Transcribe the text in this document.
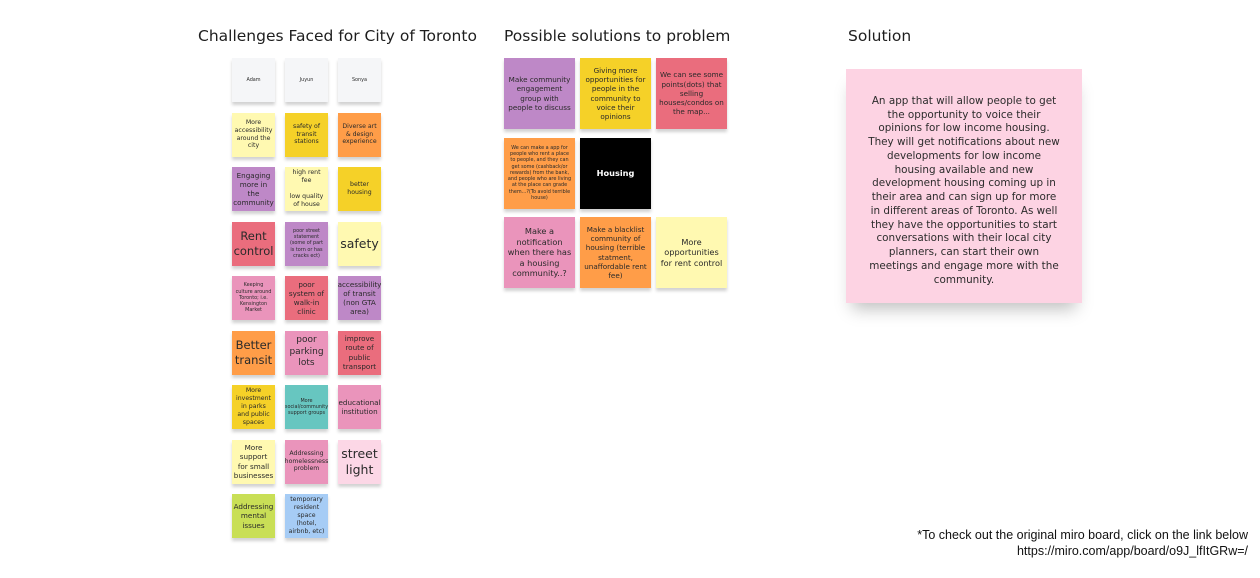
Challenges Faced for City of Toronto Possible solutions to problem	Solution
Adam	Juyun	Sonya
More accessibility around the city
safety of transit stations
Diverse art & design experience
Engaging more in the community
high rent fee

low quality of house
better housing
Rent control
poor street statement (some of part is torn or has cracks ect)
safety
Keeping culture around Toronto; i.e. Kensington Market
poor system of walk-in clinic
accessibility of transit (non GTA area)
Better transit
poor parking lots
improve route of public transport
More investment in parks and public spaces
More social/community support groups
educational institution
More support for small businesses
Addressing homelessness problem
street light
Addressing mental issues
temporary resident space (hotel, airbnb, etc)
Make community engagement group with people to discuss
Giving more opportunities for people in the community to voice their opinions
We can see some points(dots) that selling houses/condos on the map...
We can make a app for people who rent a place to people, and they can get some (cashback/or rewards) from the bank, and people who are living at the place can grade them...?(To avoid terrible house)
Housing
Make a notification when there has a housing community..?
Make a blacklist community of housing (terrible statment, unaffordable rent fee)
More opportunities for rent control
An app that will allow people to get the opportunity to voice their opinions for low income housing. They will get notifications about new developments for low income housing available and new development housing coming up in their area and can sign up for more in different areas of Toronto. As well they have the opportunities to start conversations with their local city planners, can start their own meetings and engage more with the community.
*To check out the original miro board, click on the link below
https://miro.com/app/board/o9J_lfItGRw=/
